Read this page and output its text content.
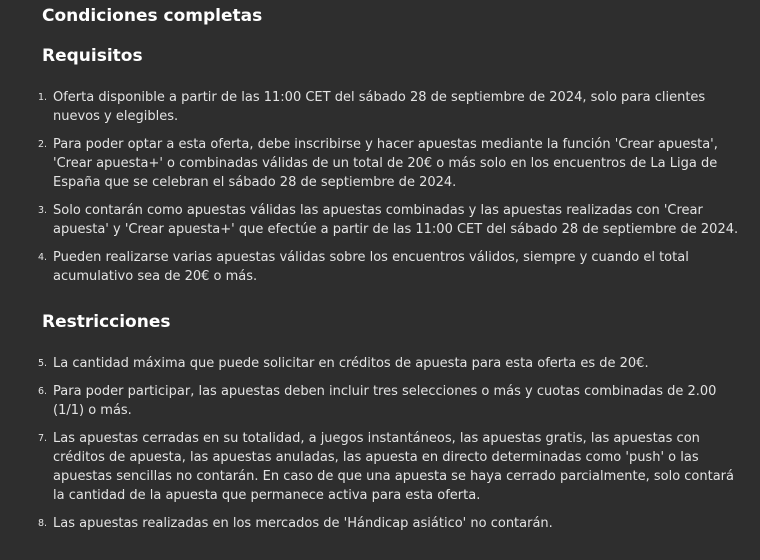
Condiciones completas
Requisitos
1. Oferta disponible a partir de las 11:00 CET del sábado 28 de septiembre de 2024, solo para clientes nuevos y elegibles.
2. Para poder optar a esta oferta, debe inscribirse y hacer apuestas mediante la función 'Crear apuesta', 'Crear apuesta+' o combinadas válidas de un total de 20€ o más solo en los encuentros de La Liga de España que se celebran el sábado 28 de septiembre de 2024.
3. Solo contarán como apuestas válidas las apuestas combinadas y las apuestas realizadas con 'Crear apuesta' y 'Crear apuesta+' que efectúe a partir de las 11:00 CET del sábado 28 de septiembre de 2024.
4. Pueden realizarse varias apuestas válidas sobre los encuentros válidos, siempre y cuando el total acumulativo sea de 20€ o más.
Restricciones
5. La cantidad máxima que puede solicitar en créditos de apuesta para esta oferta es de 20€.
6. Para poder participar, las apuestas deben incluir tres selecciones o más y cuotas combinadas de 2.00 (1/1) o más.
7. Las apuestas cerradas en su totalidad, a juegos instantáneos, las apuestas gratis, las apuestas con créditos de apuesta, las apuestas anuladas, las apuesta en directo determinadas como 'push' o las apuestas sencillas no contarán. En caso de que una apuesta se haya cerrado parcialmente, solo contará la cantidad de la apuesta que permanece activa para esta oferta.
8. Las apuestas realizadas en los mercados de 'Hándicap asiático' no contarán.
